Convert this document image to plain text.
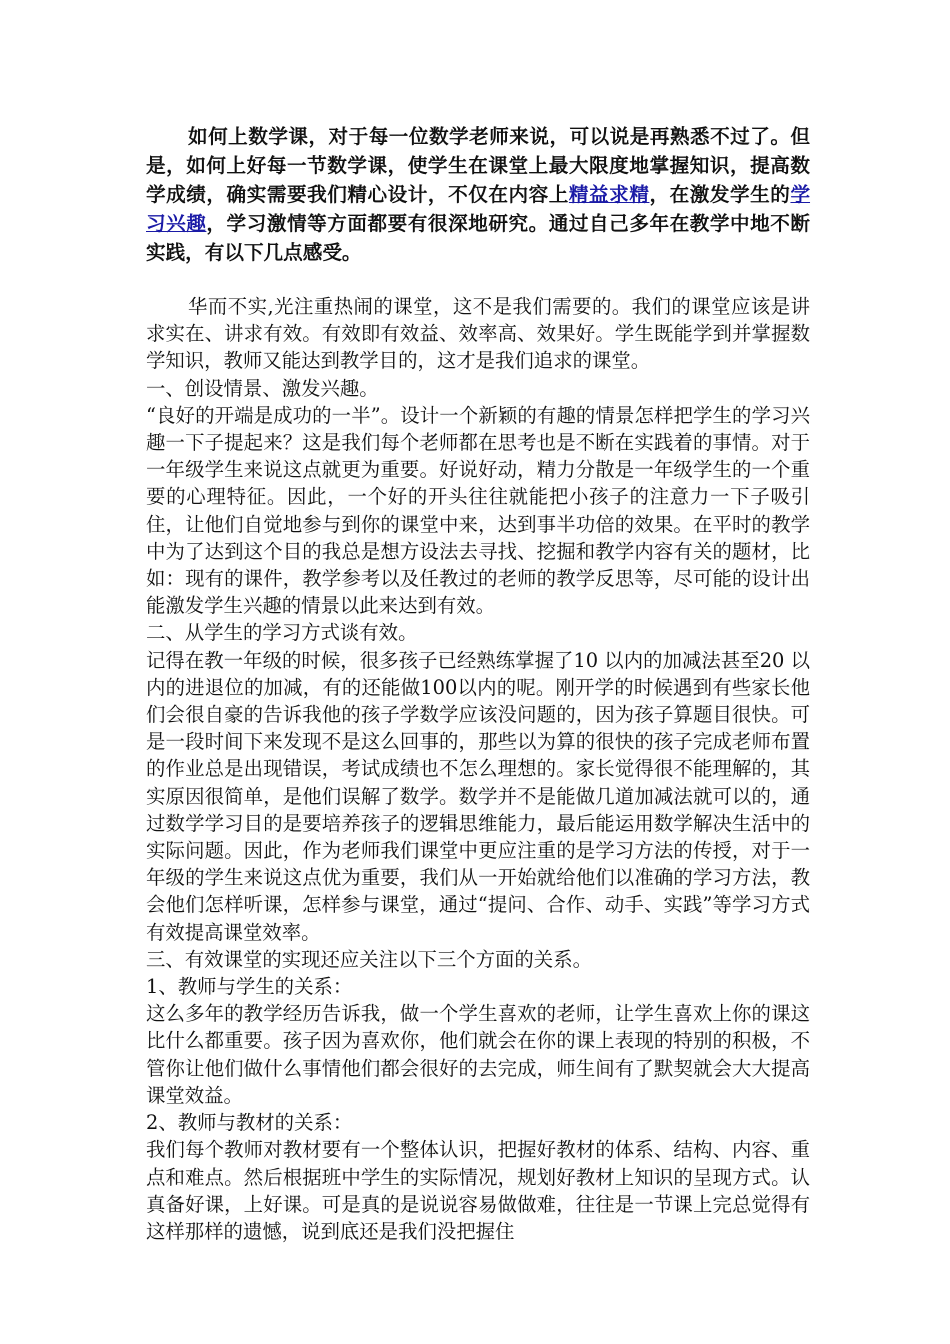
如何上数学课，对于每一位数学老师来说，可以说是再熟悉不过了。但是，如何上好每一节数学课，使学生在课堂上最大限度地掌握知识，提高数学成绩，确实需要我们精心设计，不仅在内容上精益求精，在激发学生的学习兴趣，学习激情等方面都要有很深地研究。通过自己多年在教学中地不断实践，有以下几点感受。

华而不实,光注重热闹的课堂，这不是我们需要的。我们的课堂应该是讲求实在、讲求有效。有效即有效益、效率高、效果好。学生既能学到并掌握数学知识，教师又能达到教学目的，这才是我们追求的课堂。

一、创设情景、激发兴趣。

“良好的开端是成功的一半”。设计一个新颖的有趣的情景怎样把学生的学习兴趣一下子提起来？这是我们每个老师都在思考也是不断在实践着的事情。对于一年级学生来说这点就更为重要。好说好动，精力分散是一年级学生的一个重要的心理特征。因此，一个好的开头往往就能把小孩子的注意力一下子吸引住，让他们自觉地参与到你的课堂中来，达到事半功倍的效果。在平时的教学中为了达到这个目的我总是想方设法去寻找、挖掘和教学内容有关的题材，比如：现有的课件，教学参考以及任教过的老师的教学反思等，尽可能的设计出能激发学生兴趣的情景以此来达到有效。

二、从学生的学习方式谈有效。

记得在教一年级的时候，很多孩子已经熟练掌握了10 以内的加减法甚至20 以内的进退位的加减，有的还能做100以内的呢。刚开学的时候遇到有些家长他们会很自豪的告诉我他的孩子学数学应该没问题的，因为孩子算题目很快。可是一段时间下来发现不是这么回事的，那些以为算的很快的孩子完成老师布置的作业总是出现错误，考试成绩也不怎么理想的。家长觉得很不能理解的，其实原因很简单，是他们误解了数学。数学并不是能做几道加减法就可以的，通过数学学习目的是要培养孩子的逻辑思维能力，最后能运用数学解决生活中的实际问题。因此，作为老师我们课堂中更应注重的是学习方法的传授，对于一年级的学生来说这点优为重要，我们从一开始就给他们以准确的学习方法，教会他们怎样听课，怎样参与课堂，通过“提问、合作、动手、实践”等学习方式有效提高课堂效率。

三、有效课堂的实现还应关注以下三个方面的关系。

1、教师与学生的关系：

这么多年的教学经历告诉我，做一个学生喜欢的老师，让学生喜欢上你的课这比什么都重要。孩子因为喜欢你，他们就会在你的课上表现的特别的积极，不管你让他们做什么事情他们都会很好的去完成，师生间有了默契就会大大提高课堂效益。

2、教师与教材的关系：

我们每个教师对教材要有一个整体认识，把握好教材的体系、结构、内容、重点和难点。然后根据班中学生的实际情况，规划好教材上知识的呈现方式。认真备好课，上好课。可是真的是说说容易做做难，往往是一节课上完总觉得有这样那样的遗憾，说到底还是我们没把握住
